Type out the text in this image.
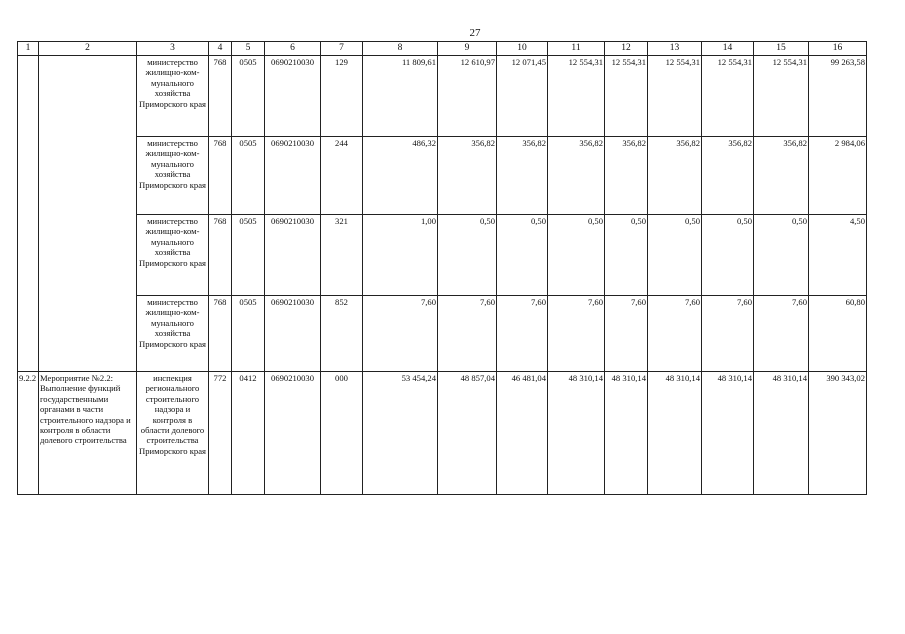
27
1	2	3	4	5	6	7	8	9	10	11	12	13	14	15	16
		министерство жилищно-ком-мунального хозяйства Приморского края	768	0505	0690210030	129	11 809,61	12 610,97	12 071,45	12 554,31	12 554,31	12 554,31	12 554,31	12 554,31	99 263,58
		министерство жилищно-ком-мунального хозяйства Приморского края	768	0505	0690210030	244	486,32	356,82	356,82	356,82	356,82	356,82	356,82	356,82	2 984,06
		министерство жилищно-ком-мунального хозяйства Приморского края	768	0505	0690210030	321	1,00	0,50	0,50	0,50	0,50	0,50	0,50	0,50	4,50
		министерство жилищно-ком-мунального хозяйства Приморского края	768	0505	0690210030	852	7,60	7,60	7,60	7,60	7,60	7,60	7,60	7,60	60,80
9.2.2	Мероприятие №2.2: Выполнение функций государственными органами в части строительного надзора и контроля в области долевого строительства	инспекция регионального строительного надзора и контроля в области долевого строительства Приморского края	772	0412	0690210030	000	53 454,24	48 857,04	46 481,04	48 310,14	48 310,14	48 310,14	48 310,14	48 310,14	390 343,02
